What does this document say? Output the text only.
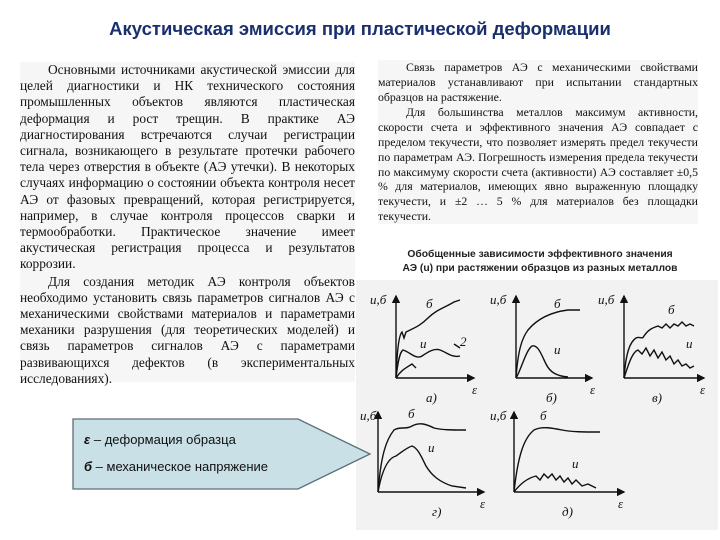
Акустическая эмиссия при пластической деформации

Основными источниками акустической эмиссии для целей диагностики и НК технического состояния промышленных объектов являются пластическая деформация и рост трещин. В практике АЭ диагностирования встречаются случаи регистрации сигнала, возникающего в результате протечки рабочего тела через отверстия в объекте (АЭ утечки). В некоторых случаях информацию о состоянии объекта контроля несет АЭ от фазовых превращений, которая регистрируется, например, в случае контроля процессов сварки и термообработки. Практическое значение имеет акустическая регистрация процесса и результатов коррозии.

Для создания методик АЭ контроля объектов необходимо установить связь параметров сигналов АЭ с механическими свойствами материалов и параметрами механики разрушения (для теоретических моделей) и связь параметров сигналов АЭ с параметрами развивающихся дефектов (в экспериментальных исследованиях).

Связь параметров АЭ с механическими свойствами материалов устанавливают при испытании стандартных образцов на растяжение.

Для большинства металлов максимум активности, скорости счета и эффективного значения АЭ совпадает с пределом текучести, что позволяет измерять предел текучести по параметрам АЭ. Погрешность измерения предела текучести по максимуму скорости счета (активности) АЭ составляет ±0,5 % для материалов, имеющих явно выраженную площадку текучести, и ±2 … 5 % для материалов без площадки текучести.

Обобщенные зависимости эффективного значения
АЭ (u) при растяжении образцов из разных металлов
u,б	u,б	u,б
u,б	u,б
ε	ε	ε
ε	ε
б
u	2
б
u
б
u
б
u
б
u
a)	б)	в)
г)	д)
ε – деформация образца
б – механическое напряжение
